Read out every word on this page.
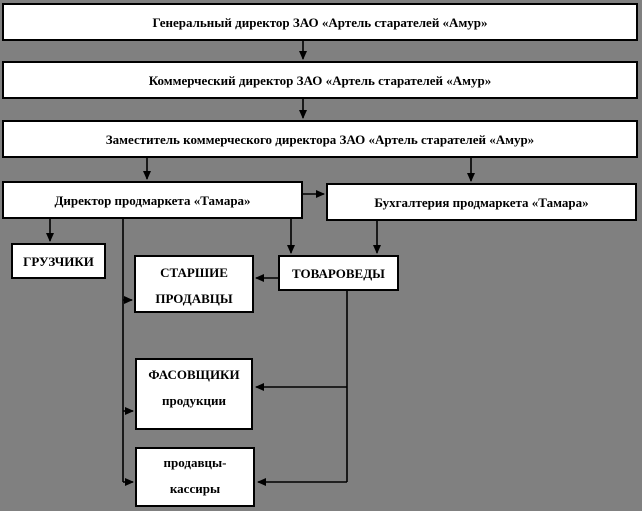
Генеральный директор ЗАО «Артель старателей «Амур»
Коммерческий директор ЗАО «Артель старателей «Амур»
Заместитель коммерческого директора ЗАО «Артель старателей «Амур»
Директор продмаркета «Тамара»	Бухгалтерия продмаркета «Тамара»
ГРУЗЧИКИ
СТАРШИЕ
ПРОДАВЦЫ
ТОВАРОВЕДЫ
ФАСОВЩИКИ
продукции
продавцы-
кассиры
